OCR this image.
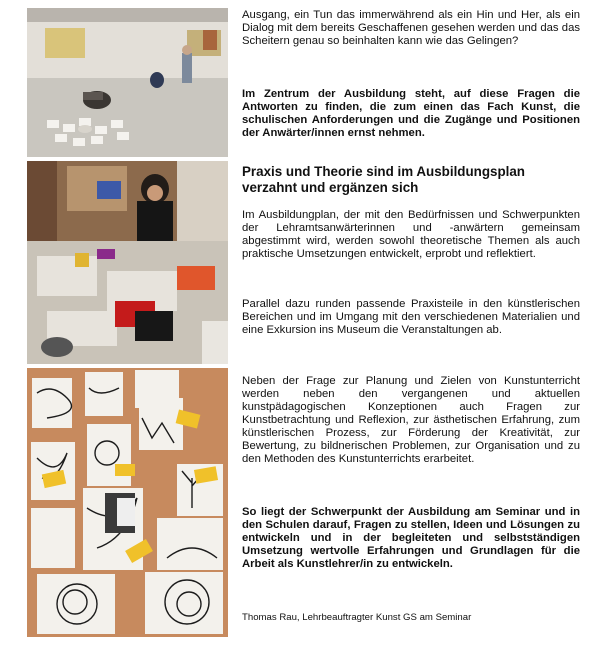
Ausgang, ein Tun das immerwährend als ein Hin und Her, als ein Dialog mit dem bereits Geschaffenen gesehen werden und das das Scheitern genau so beinhalten kann wie das Gelingen?

Im Zentrum der Ausbildung steht, auf diese Fragen die Antworten zu finden, die zum einen das Fach Kunst, die schulischen Anforderungen und die Zugänge und Positionen der Anwärter/innen ernst nehmen.

Praxis und Theorie sind im Ausbildungsplan verzahnt und ergänzen sich

Im Ausbildungplan, der mit den Bedürfnissen und Schwerpunkten der Lehramtsanwärterinnen und -anwärtern gemeinsam abgestimmt wird, werden sowohl theoretische Themen als auch praktische Umsetzungen entwickelt, erprobt und reflektiert.

Parallel dazu runden passende Praxisteile in den künstlerischen Bereichen und im Umgang mit den verschiedenen Materialien und eine Exkursion ins Museum die Veranstaltungen ab.

Neben der Frage zur Planung und Zielen von Kunstunterricht werden neben den vergangenen und aktuellen kunstpädagogischen Konzeptionen auch Fragen zur Kunstbetrachtung und Reflexion, zur ästhetischen Erfahrung, zum künstlerischen Prozess, zur Förderung der Kreativität, zur Bewertung, zu bildnerischen Problemen, zur Organisation und zu den Methoden des Kunstunterrichts erarbeitet.

So liegt der Schwerpunkt der Ausbildung am Seminar und in den Schulen darauf, Fragen zu stellen, Ideen und Lösungen zu entwickeln und in der begleiteten und selbstständigen Umsetzung wertvolle Erfahrungen und Grundlagen für die Arbeit als Kunstlehrer/in zu entwickeln.

Thomas Rau, Lehrbeauftragter Kunst GS am Seminar
